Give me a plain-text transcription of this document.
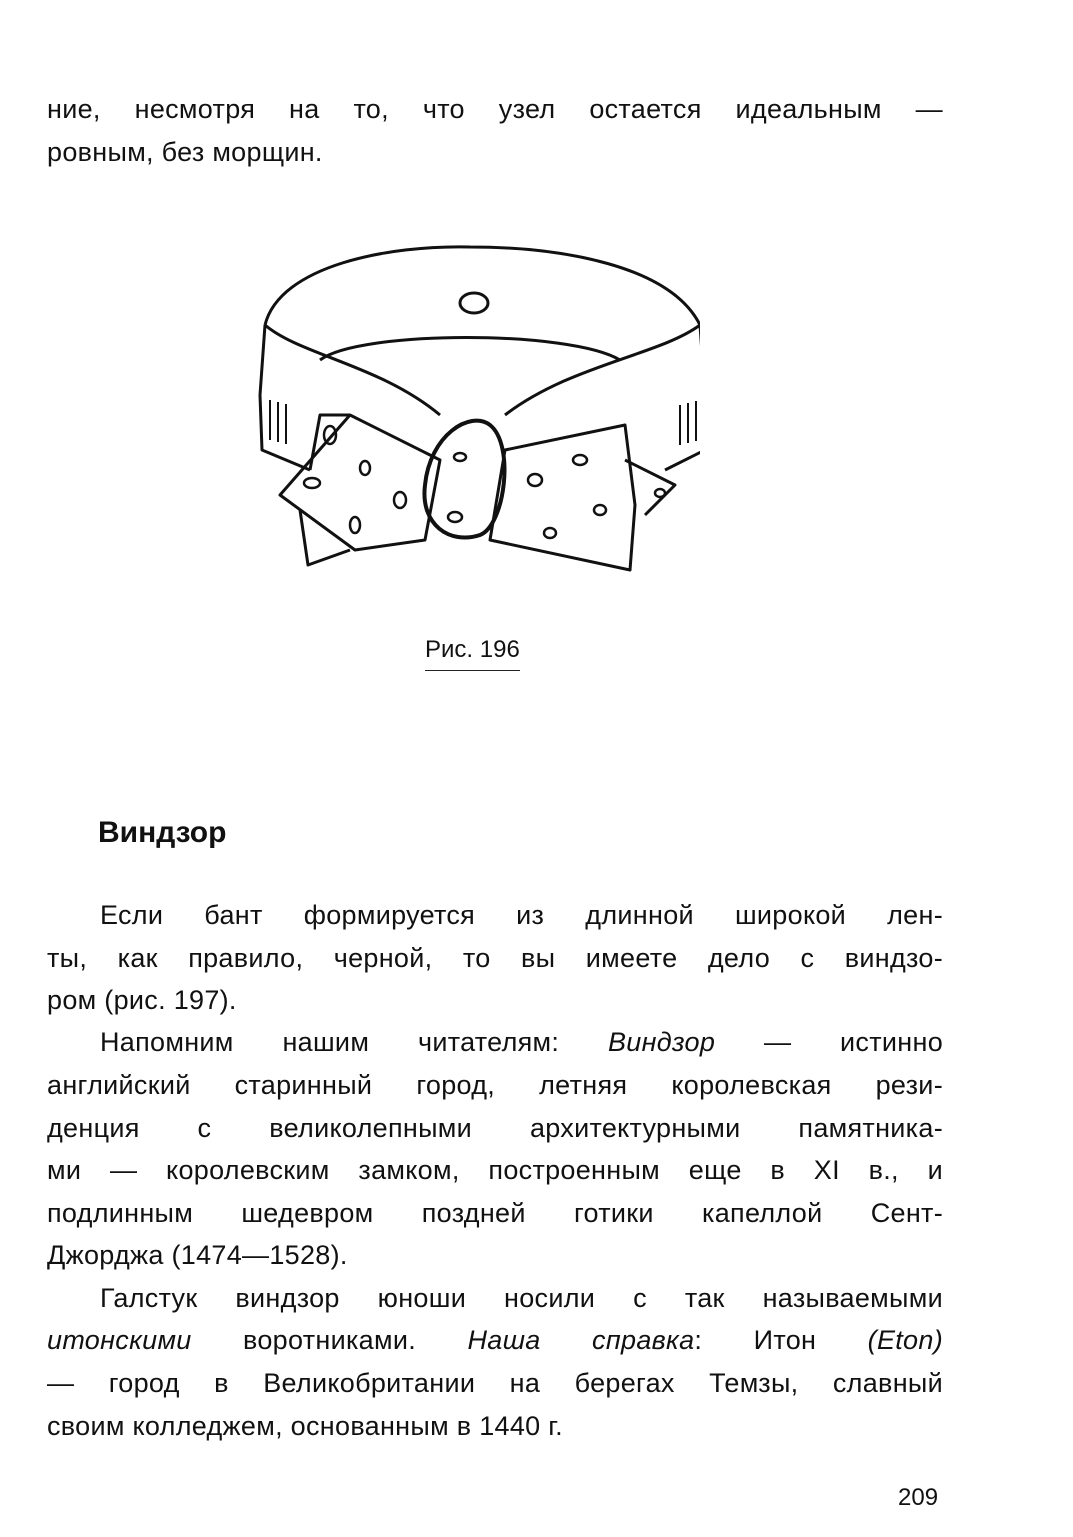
ние, несмотря на то, что узел остается идеальным —
ровным, без морщин.
Рис. 196
Виндзор
Если бант формируется из длинной широкой лен-
ты, как правило, черной, то вы имеете дело с виндзо-
ром (рис. 197).
Напомним нашим читателям: Виндзор — истинно
английский старинный город, летняя королевская рези-
денция с великолепными архитектурными памятника-
ми — королевским замком, построенным еще в XI в., и
подлинным шедевром поздней готики капеллой Сент-
Джорджа (1474—1528).
Галстук виндзор юноши носили с так называемыми
итонскими воротниками. Наша справка: Итон (Eton)
— город в Великобритании на берегах Темзы, славный
своим колледжем, основанным в 1440 г.
209
